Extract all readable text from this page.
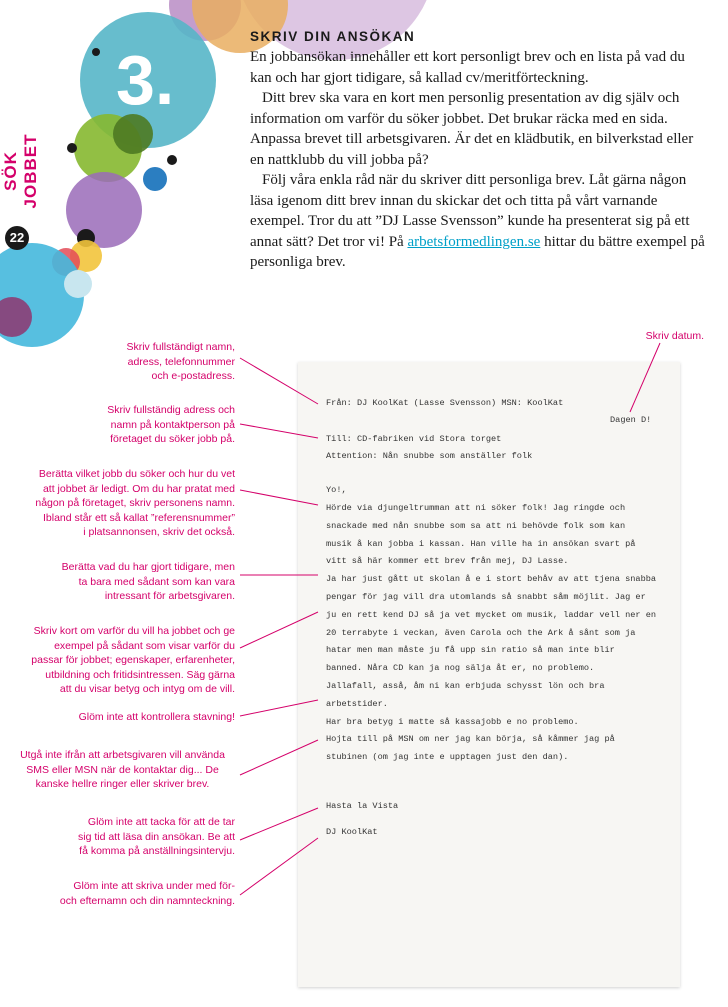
3.
SÖK JOBBET
22
SKRIV DIN ANSÖKAN

En jobbansökan innehåller ett kort personligt brev och en lista på vad du kan och har gjort tidigare, så kallad cv/meritförteckning.

Ditt brev ska vara en kort men personlig presentation av dig själv och information om varför du söker jobbet. Det brukar räcka med en sida. Anpassa brevet till arbetsgivaren. Är det en klädbutik, en bilverkstad eller en nattklubb du vill jobba på?

Följ våra enkla råd när du skriver ditt personliga brev. Låt gärna någon läsa igenom ditt brev innan du skickar det och titta på vårt varnande exempel. Tror du att ”DJ Lasse Svensson” kunde ha presenterat sig på ett annat sätt? Det tror vi! På arbetsformedlingen.se hittar du bättre exempel på personliga brev.

Skriv datum.
Skriv fullständigt namn,
adress, telefonnummer
och e-postadress.
Skriv fullständig adress och
namn på kontaktperson på
företaget du söker jobb på.
Berätta vilket jobb du söker och hur du vet
att jobbet är ledigt. Om du har pratat med
någon på företaget, skriv personens namn.
Ibland står ett så kallat ”referensnummer”
i platsannonsen, skriv det också.
Berätta vad du har gjort tidigare, men
ta bara med sådant som kan vara
intressant för arbetsgivaren.
Skriv kort om varför du vill ha jobbet och ge
exempel på sådant som visar varför du
passar för jobbet; egenskaper, erfarenheter,
utbildning och fritidsintressen. Säg gärna
att du visar betyg och intyg om de vill.
Glöm inte att kontrollera stavning!
Utgå inte ifrån att arbetsgivaren vill använda
SMS eller MSN när de kontaktar dig... De
kanske hellre ringer eller skriver brev.
Glöm inte att tacka för att de tar
sig tid att läsa din ansökan. Be att
få komma på anställningsintervju.
Glöm inte att skriva under med för-
och efternamn och din namnteckning.
Från: DJ KoolKat (Lasse Svensson) MSN: KoolKat
Dagen D!
Till: CD-fabriken vid Stora torget
Attention: Nån snubbe som anställer folk
Yo!,
Hörde via djungeltrumman att ni söker folk! Jag ringde och
snackade med nån snubbe som sa att ni behövde folk som kan
musik å kan jobba i kassan. Han ville ha in ansökan svart på
vitt så här kommer ett brev från mej, DJ Lasse.
Ja har just gått ut skolan å e i stort behåv av att tjena snabba
pengar för jag vill dra utomlands så snabbt såm möjlit. Jag er
ju en rett kend DJ så ja vet mycket om musik, laddar vell ner en
20 terrabyte i veckan, även Carola och the Ark å sånt som ja
hatar men man måste ju få upp sin ratio så man inte blir
banned. Nåra CD kan ja nog sälja åt er, no problemo.
Jallafall, asså, åm ni kan erbjuda schysst lön och bra
arbetstider.
Har bra betyg i matte så kassajobb e no problemo.
Hojta till på MSN om ner jag kan börja, så kåmmer jag på
stubinen (om jag inte e upptagen just den dan).
Hasta la Vista
DJ KoolKat
